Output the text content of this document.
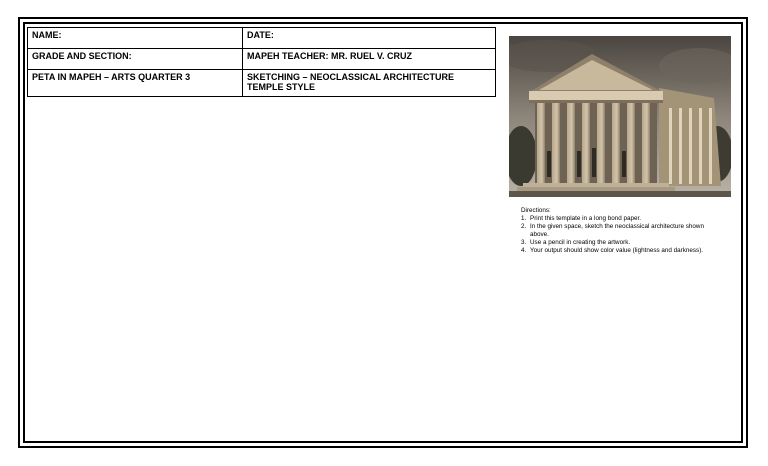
NAME:	DATE:
GRADE AND SECTION:	MAPEH TEACHER: MR. RUEL V. CRUZ
PETA IN MAPEH – ARTS QUARTER 3	SKETCHING – NEOCLASSICAL ARCHITECTURE TEMPLE STYLE
Directions:
1. Print this template in a long bond paper.
2. In the given space, sketch the neoclassical architecture shown above.
3. Use a pencil in creating the artwork.
4. Your output should show color value (lightness and darkness).
